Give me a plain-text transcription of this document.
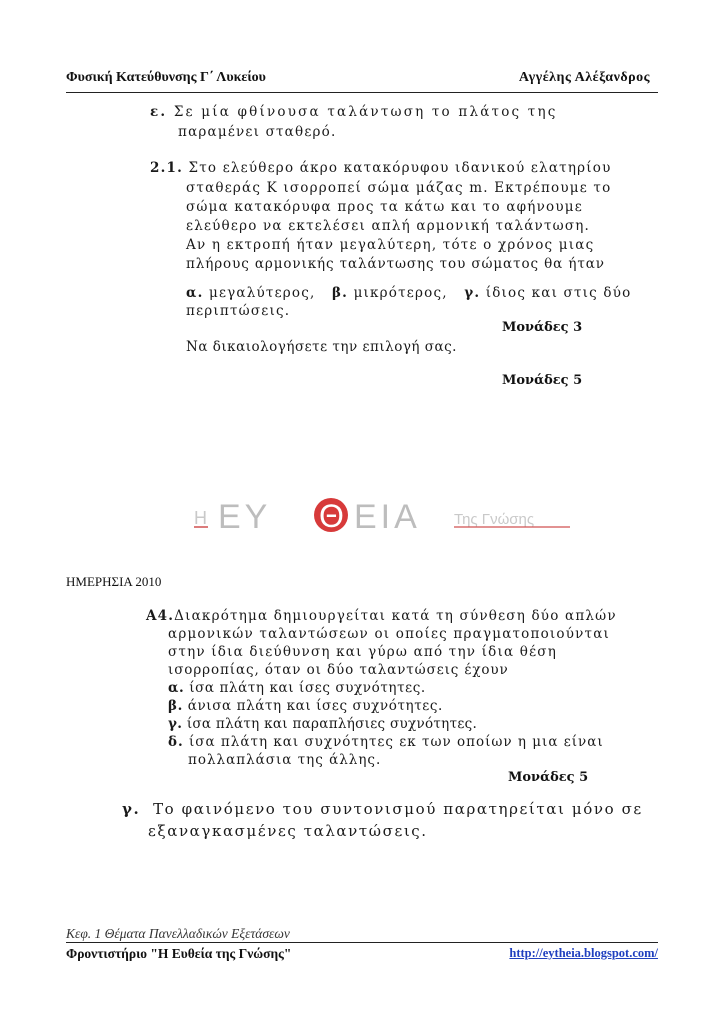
Φυσική Κατεύθυνσης Γ΄ Λυκείου	Αγγέλης Αλέξανδρος
ε. Σε μία φθίνουσα ταλάντωση το πλάτος της
παραμένει σταθερό.
2.1. Στο ελεύθερο άκρο κατακόρυφου ιδανικού ελατηρίου
σταθεράς K ισορροπεί σώμα μάζας m. Εκτρέπουμε το
σώμα κατακόρυφα προς τα κάτω και το αφήνουμε
ελεύθερο να εκτελέσει απλή αρμονική ταλάντωση.
Αν η εκτροπή ήταν μεγαλύτερη, τότε ο χρόνος μιας
πλήρους αρμονικής ταλάντωσης του σώματος θα ήταν
α. μεγαλύτερος, β. μικρότερος, γ. ίδιος και στις δύο
περιπτώσεις.
Μονάδες 3
Να δικαιολογήσετε την επιλογή σας.
Μονάδες 5
Η ΕΥ Θ ΕΙΑ Της Γνώσης
ΗΜΕΡΗΣΙΑ 2010
A4.Διακρότημα δημιουργείται κατά τη σύνθεση δύο απλών
αρμονικών ταλαντώσεων οι οποίες πραγματοποιούνται
στην ίδια διεύθυνση και γύρω από την ίδια θέση
ισορροπίας, όταν οι δύο ταλαντώσεις έχουν
α. ίσα πλάτη και ίσες συχνότητες.
β. άνισα πλάτη και ίσες συχνότητες.
γ. ίσα πλάτη και παραπλήσιες συχνότητες.
δ. ίσα πλάτη και συχνότητες εκ των οποίων η μια είναι
πολλαπλάσια της άλλης.
Μονάδες 5
γ. Το φαινόμενο του συντονισμού παρατηρείται μόνο σε
εξαναγκασμένες ταλαντώσεις.
Κεφ. 1 Θέματα Πανελλαδικών Εξετάσεων
Φροντιστήριο "Η Ευθεία της Γνώσης"	http://eytheia.blogspot.com/
